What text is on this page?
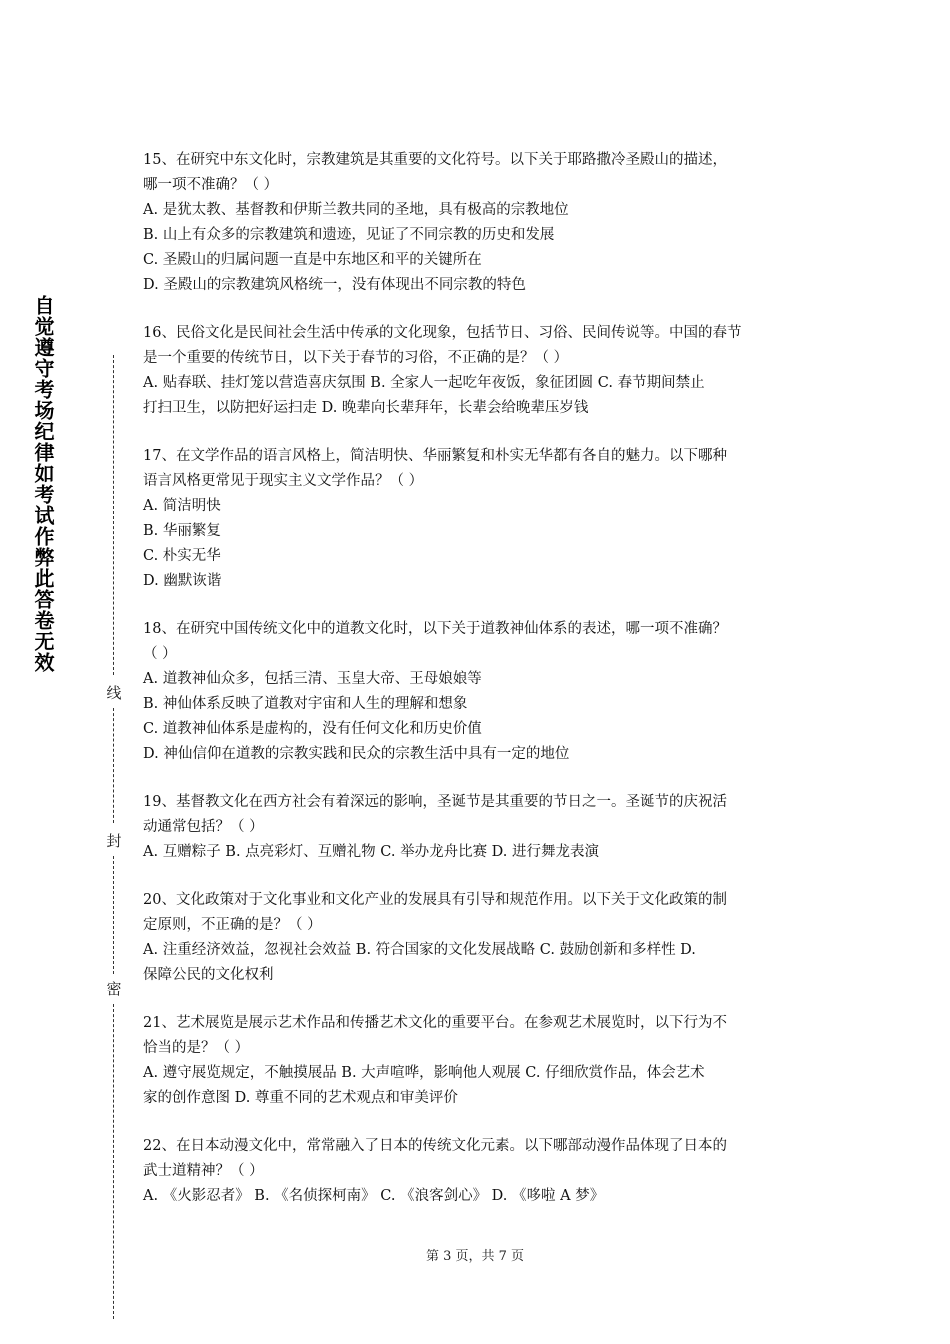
自觉遵守考场纪律如考试作弊此答卷无效
线
封
密
15、在研究中东文化时，宗教建筑是其重要的文化符号。以下关于耶路撒冷圣殿山的描述，
哪一项不准确？（ ）
A. 是犹太教、基督教和伊斯兰教共同的圣地，具有极高的宗教地位
B. 山上有众多的宗教建筑和遗迹，见证了不同宗教的历史和发展
C. 圣殿山的归属问题一直是中东地区和平的关键所在
D. 圣殿山的宗教建筑风格统一，没有体现出不同宗教的特色
16、民俗文化是民间社会生活中传承的文化现象，包括节日、习俗、民间传说等。中国的春节
是一个重要的传统节日，以下关于春节的习俗，不正确的是？（ ）
A. 贴春联、挂灯笼以营造喜庆氛围 B. 全家人一起吃年夜饭，象征团圆 C. 春节期间禁止
打扫卫生，以防把好运扫走 D. 晚辈向长辈拜年，长辈会给晚辈压岁钱
17、在文学作品的语言风格上，简洁明快、华丽繁复和朴实无华都有各自的魅力。以下哪种
语言风格更常见于现实主义文学作品？（ ）
A. 简洁明快
B. 华丽繁复
C. 朴实无华
D. 幽默诙谐
18、在研究中国传统文化中的道教文化时，以下关于道教神仙体系的表述，哪一项不准确？
（ ）
A. 道教神仙众多，包括三清、玉皇大帝、王母娘娘等
B. 神仙体系反映了道教对宇宙和人生的理解和想象
C. 道教神仙体系是虚构的，没有任何文化和历史价值
D. 神仙信仰在道教的宗教实践和民众的宗教生活中具有一定的地位
19、基督教文化在西方社会有着深远的影响，圣诞节是其重要的节日之一。圣诞节的庆祝活
动通常包括？（ ）
A. 互赠粽子 B. 点亮彩灯、互赠礼物 C. 举办龙舟比赛 D. 进行舞龙表演
20、文化政策对于文化事业和文化产业的发展具有引导和规范作用。以下关于文化政策的制
定原则，不正确的是？（ ）
A. 注重经济效益，忽视社会效益 B. 符合国家的文化发展战略 C. 鼓励创新和多样性 D.
保障公民的文化权利
21、艺术展览是展示艺术作品和传播艺术文化的重要平台。在参观艺术展览时，以下行为不
恰当的是？（ ）
A. 遵守展览规定，不触摸展品 B. 大声喧哗，影响他人观展 C. 仔细欣赏作品，体会艺术
家的创作意图 D. 尊重不同的艺术观点和审美评价
22、在日本动漫文化中，常常融入了日本的传统文化元素。以下哪部动漫作品体现了日本的
武士道精神？（ ）
A. 《火影忍者》 B. 《名侦探柯南》 C. 《浪客剑心》 D. 《哆啦 A 梦》
第 3 页，共 7 页
